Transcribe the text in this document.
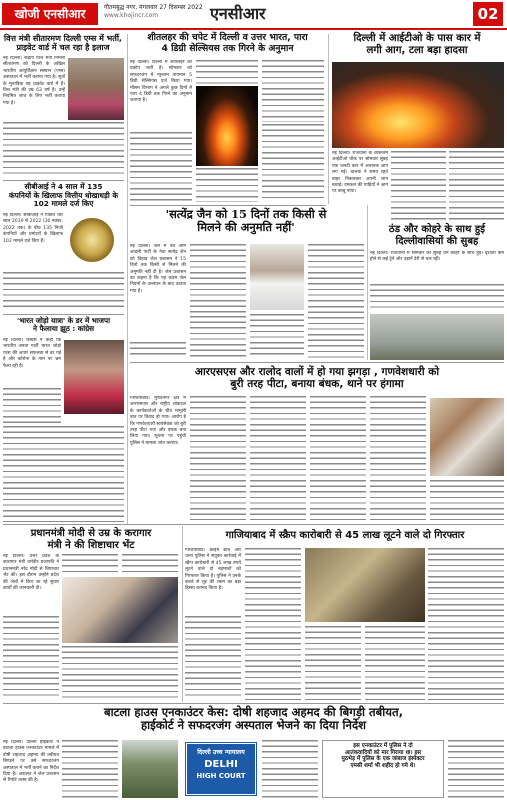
खोजी एनसीआर	गौतमबुद्ध नगर, मंगलवार 27 दिसम्बर 2022
www.khojincr.com	एनसीआर	02
वित्त मंत्री सीतारमण दिल्ली एम्स में भर्ती,
प्राइवेट वार्ड में चल रहा है इलाज
नई दिल्ली। केंद्रीय वित्त मंत्री निर्मला सीतारमण को दिल्ली के अखिल भारतीय आयुर्विज्ञान संस्थान (एम्स) अस्पताल में भर्ती कराया गया है। सूत्रों के मुताबिक वह प्राइवेट वार्ड में हैं। वित्त मंत्री की उम्र 63 वर्ष है। उन्हें नियमित जांच के लिए भर्ती कराया गया है।
सीबीआई ने 4 साल में 135
कंपनियों के खिलाफ वित्तीय धोखाधड़ी के
102 मामले दर्ज किए
नई दिल्ली। सीबीआई ने पिछले चार साल 2019 से 2022 (30 नवंबर, 2022 तक) के बीच 135 निजी कंपनियों और प्रमोटरों के खिलाफ 102 मामले दर्ज किए हैं।
'भारत जोड़ो यात्रा' के डर में भाजपा
ने फैलाया झूठ : कांग्रेस
नई दिल्ली। कांग्रेस ने कहा कि भारतीय जनता पार्टी भारत जोड़ो यात्रा की अपार सफलता से डर गई है और कोरोना के नाम पर भ्रम फैला रही है।
शीतलहर की चपेट में दिल्ली व उत्तर भारत, पारा
4 डिग्री सेल्सियस तक गिरने के अनुमान
नई दिल्ली। दिल्ली में शीतलहर का प्रकोप जारी है। सोमवार को सफदरजंग में न्यूनतम तापमान 5 डिग्री सेल्सियस दर्ज किया गया। मौसम विभाग ने अगले कुछ दिनों में पारा 4 डिग्री तक गिरने का अनुमान जताया है।
दिल्ली में आईटीओ के पास कार में
लगी आग, टला बड़ा हादसा
नई दिल्ली। राजधानी के व्यस्ततम आईटीओ चौक पर सोमवार सुबह एक चलती कार में अचानक आग लग गई। चालक ने समय रहते बाहर निकलकर अपनी जान बचाई। दमकल की गाड़ियों ने आग पर काबू पाया।
'सत्येंद्र जैन को 15 दिनों तक किसी से
मिलने की अनुमति नहीं'
नई दिल्ली। जेल में बंद आम आदमी पार्टी के नेता सत्येंद्र जैन को तिहाड़ जेल प्रशासन ने 15 दिनों तक किसी से मिलने की अनुमति नहीं दी है। जेल प्रशासन का कहना है कि यह कदम जेल नियमों के उल्लंघन के बाद उठाया गया है।
ठंड और कोहरे के साथ हुई
दिल्लीवासियों की सुबह
नई दिल्ली। राजधानी में सोमवार की सुबह घने कोहरे के साथ हुई। दृश्यता कम होने से कई ट्रेनें और उड़ानें देरी से चल रहीं।
आरएसएस और रालोद वालों में हो गया झगड़ा , गणवेशधारी को
बुरी तरह पीटा, बनाया बंधक, थाने पर हंगामा
गाजियाबाद। मुरादनगर क्षेत्र में आरएसएस और राष्ट्रीय लोकदल के कार्यकर्ताओं के बीच मामूली बात पर विवाद हो गया। आरोप है कि गणवेशधारी स्वयंसेवक को बुरी तरह पीटा गया और बंधक बना लिया गया। सूचना पर पहुंची पुलिस ने मामला शांत कराया।
प्रधानमंत्री मोदी से उम्र के करागार
मंत्री ने की शिष्टाचार भेंट
नई दिल्ली। उत्तर प्रदेश के कारागार मंत्री धर्मवीर प्रजापति ने प्रधानमंत्री नरेंद्र मोदी से शिष्टाचार भेंट की। इस दौरान उन्होंने प्रदेश की जेलों में किए जा रहे सुधार कार्यों की जानकारी दी।
गाजियाबाद में स्क्रैप कारोबारी से 45 लाख लूटने वाले दो गिरफ्तार
गाजियाबाद। क्राइम ब्रांच और थाना पुलिस ने संयुक्त कार्रवाई में स्क्रैप कारोबारी से 45 लाख रुपये लूटने वाले दो बदमाशों को गिरफ्तार किया है। पुलिस ने उनके कब्जे से लूट की रकम का बड़ा हिस्सा बरामद किया है।
बाटला हाउस एनकाउंटर केस: दोषी शहजाद अहमद की बिगड़ी तबीयत,
हाईकोर्ट ने सफदरजंग अस्पताल भेजने का दिया निर्देश
नई दिल्ली। दिल्ली हाईकोर्ट ने बाटला हाउस एनकाउंटर मामले में दोषी शहजाद अहमद की तबीयत बिगड़ने पर उसे सफदरजंग अस्पताल में भर्ती कराने का निर्देश दिया है। अदालत ने जेल प्रशासन से रिपोर्ट तलब की है।
दिल्ली उच्च न्यायालय
DELHI
HIGH COURT
इस एनकाउंटर में पुलिस ने दो
आतंकवादियों को मार गिराया था। इस
मुठभेड़ में पुलिस के एक जांबाज इंस्पेक्टर
एमसी शर्मा भी शहीद हो गये थे।
